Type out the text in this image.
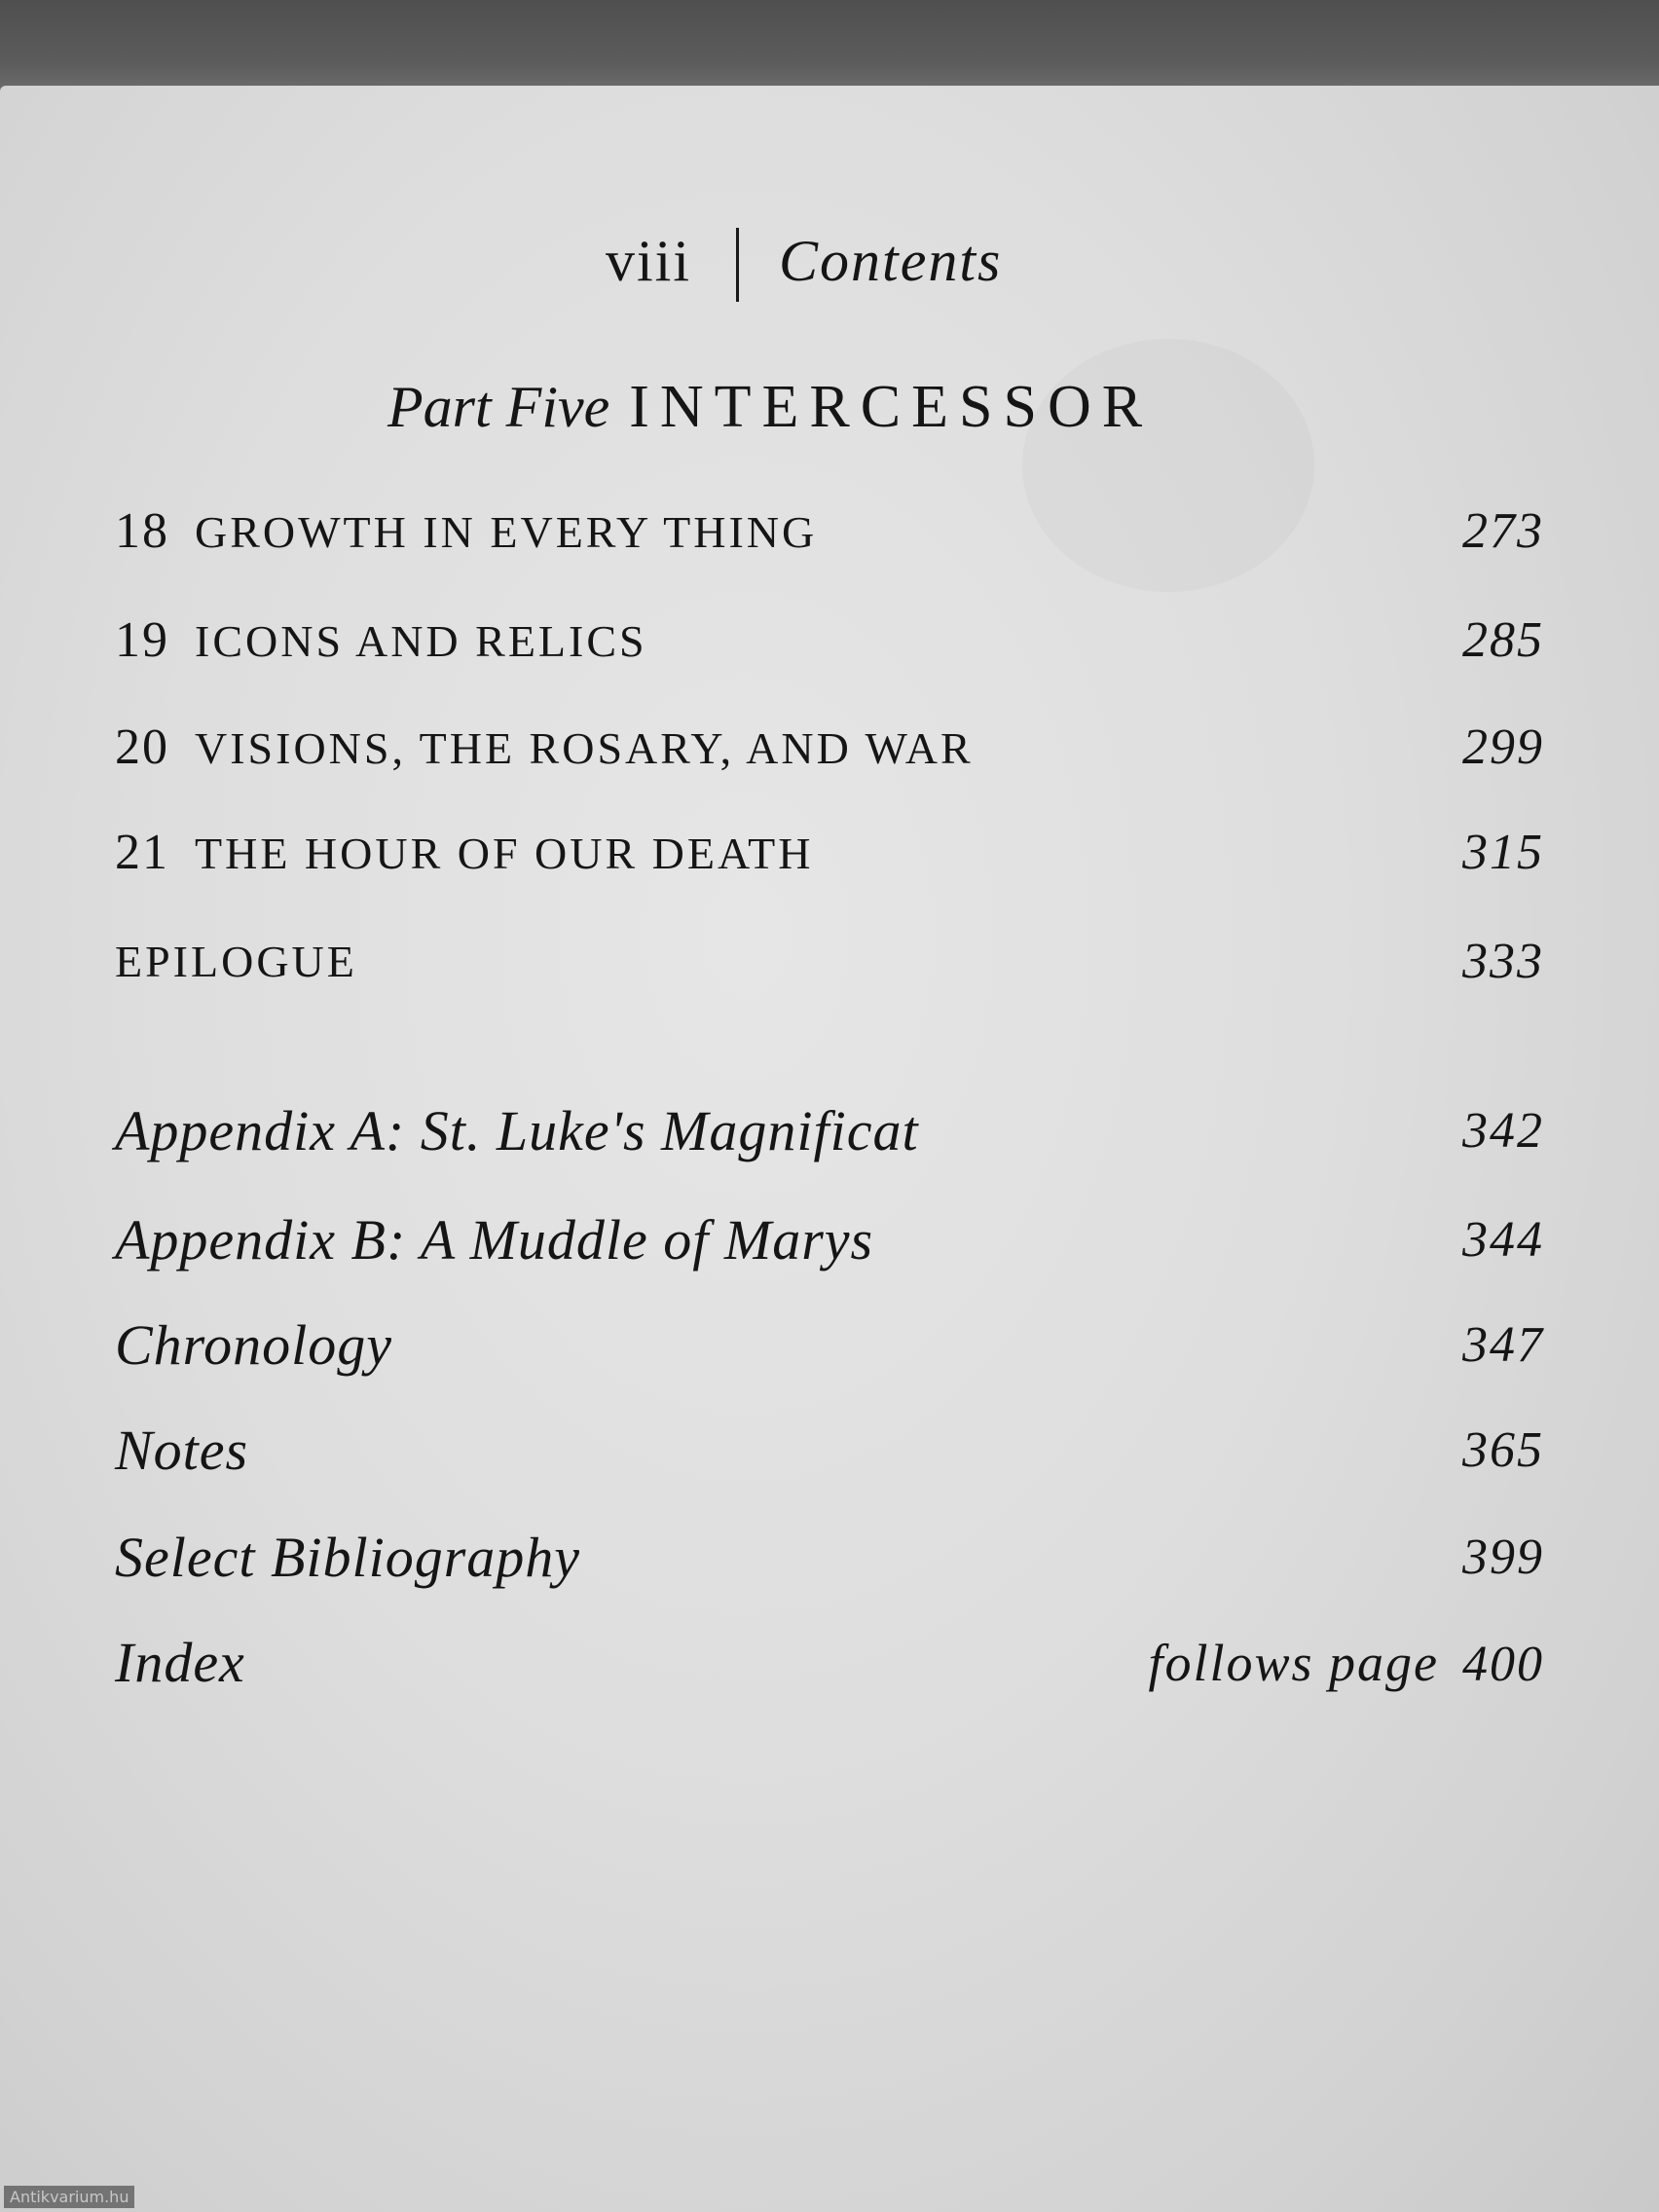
viii Contents
Part Five INTERCESSOR
18 GROWTH IN EVERY THING	273
19 ICONS AND RELICS	285
20 VISIONS, THE ROSARY, AND WAR	299
21 THE HOUR OF OUR DEATH	315
EPILOGUE	333
Appendix A: St. Luke's Magnificat	342
Appendix B: A Muddle of Marys	344
Chronology	347
Notes	365
Select Bibliography	399
Index	follows page 400
Antikvarium.hu
